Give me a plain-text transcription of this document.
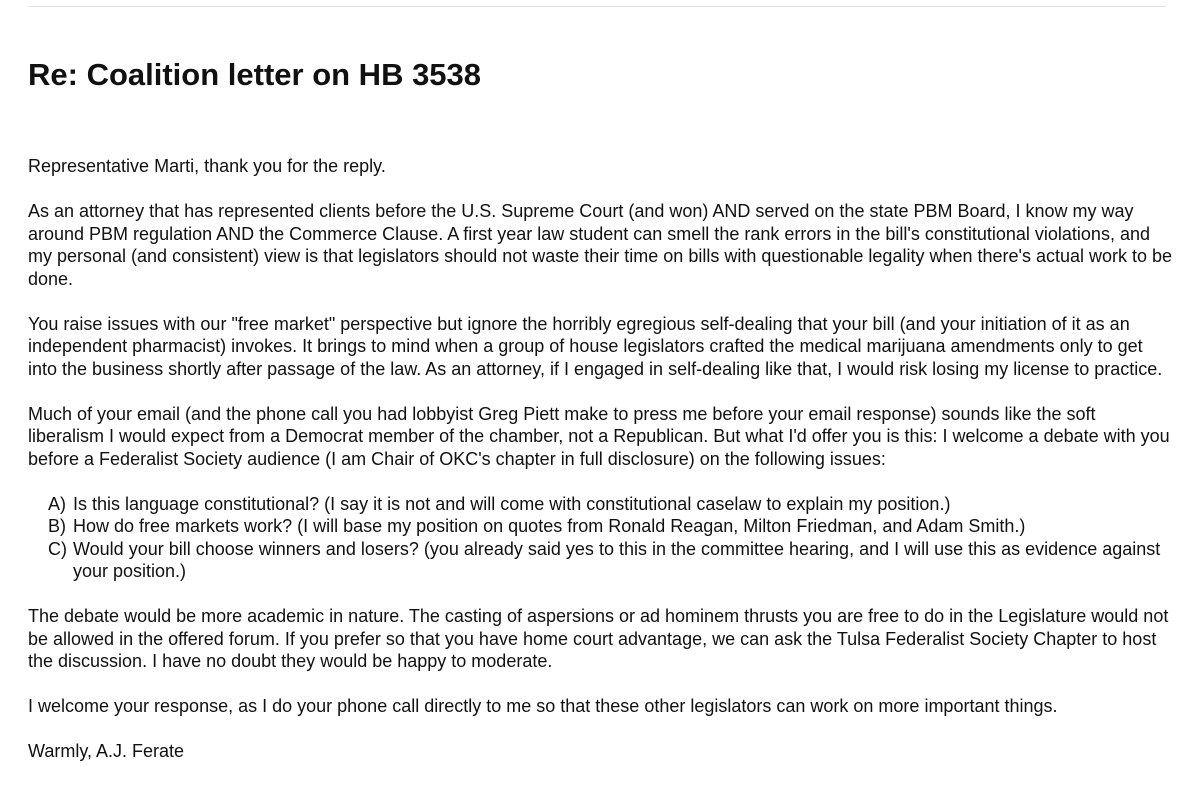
Re: Coalition letter on HB 3538

Representative Marti, thank you for the reply.

As an attorney that has represented clients before the U.S. Supreme Court (and won) AND served on the state PBM Board, I know my way around PBM regulation AND the Commerce Clause. A first year law student can smell the rank errors in the bill's constitutional violations, and my personal (and consistent) view is that legislators should not waste their time on bills with questionable legality when there's actual work to be done.

You raise issues with our "free market" perspective but ignore the horribly egregious self-dealing that your bill (and your initiation of it as an independent pharmacist) invokes. It brings to mind when a group of house legislators crafted the medical marijuana amendments only to get into the business shortly after passage of the law. As an attorney, if I engaged in self-dealing like that, I would risk losing my license to practice.

Much of your email (and the phone call you had lobbyist Greg Piett make to press me before your email response) sounds like the soft liberalism I would expect from a Democrat member of the chamber, not a Republican. But what I'd offer you is this: I welcome a debate with you before a Federalist Society audience (I am Chair of OKC's chapter in full disclosure) on the following issues:

A) Is this language constitutional? (I say it is not and will come with constitutional caselaw to explain my position.)
B) How do free markets work? (I will base my position on quotes from Ronald Reagan, Milton Friedman, and Adam Smith.)
C) Would your bill choose winners and losers? (you already said yes to this in the committee hearing, and I will use this as evidence against your position.)

The debate would be more academic in nature. The casting of aspersions or ad hominem thrusts you are free to do in the Legislature would not be allowed in the offered forum. If you prefer so that you have home court advantage, we can ask the Tulsa Federalist Society Chapter to host the discussion. I have no doubt they would be happy to moderate.

I welcome your response, as I do your phone call directly to me so that these other legislators can work on more important things.

Warmly, A.J. Ferate
